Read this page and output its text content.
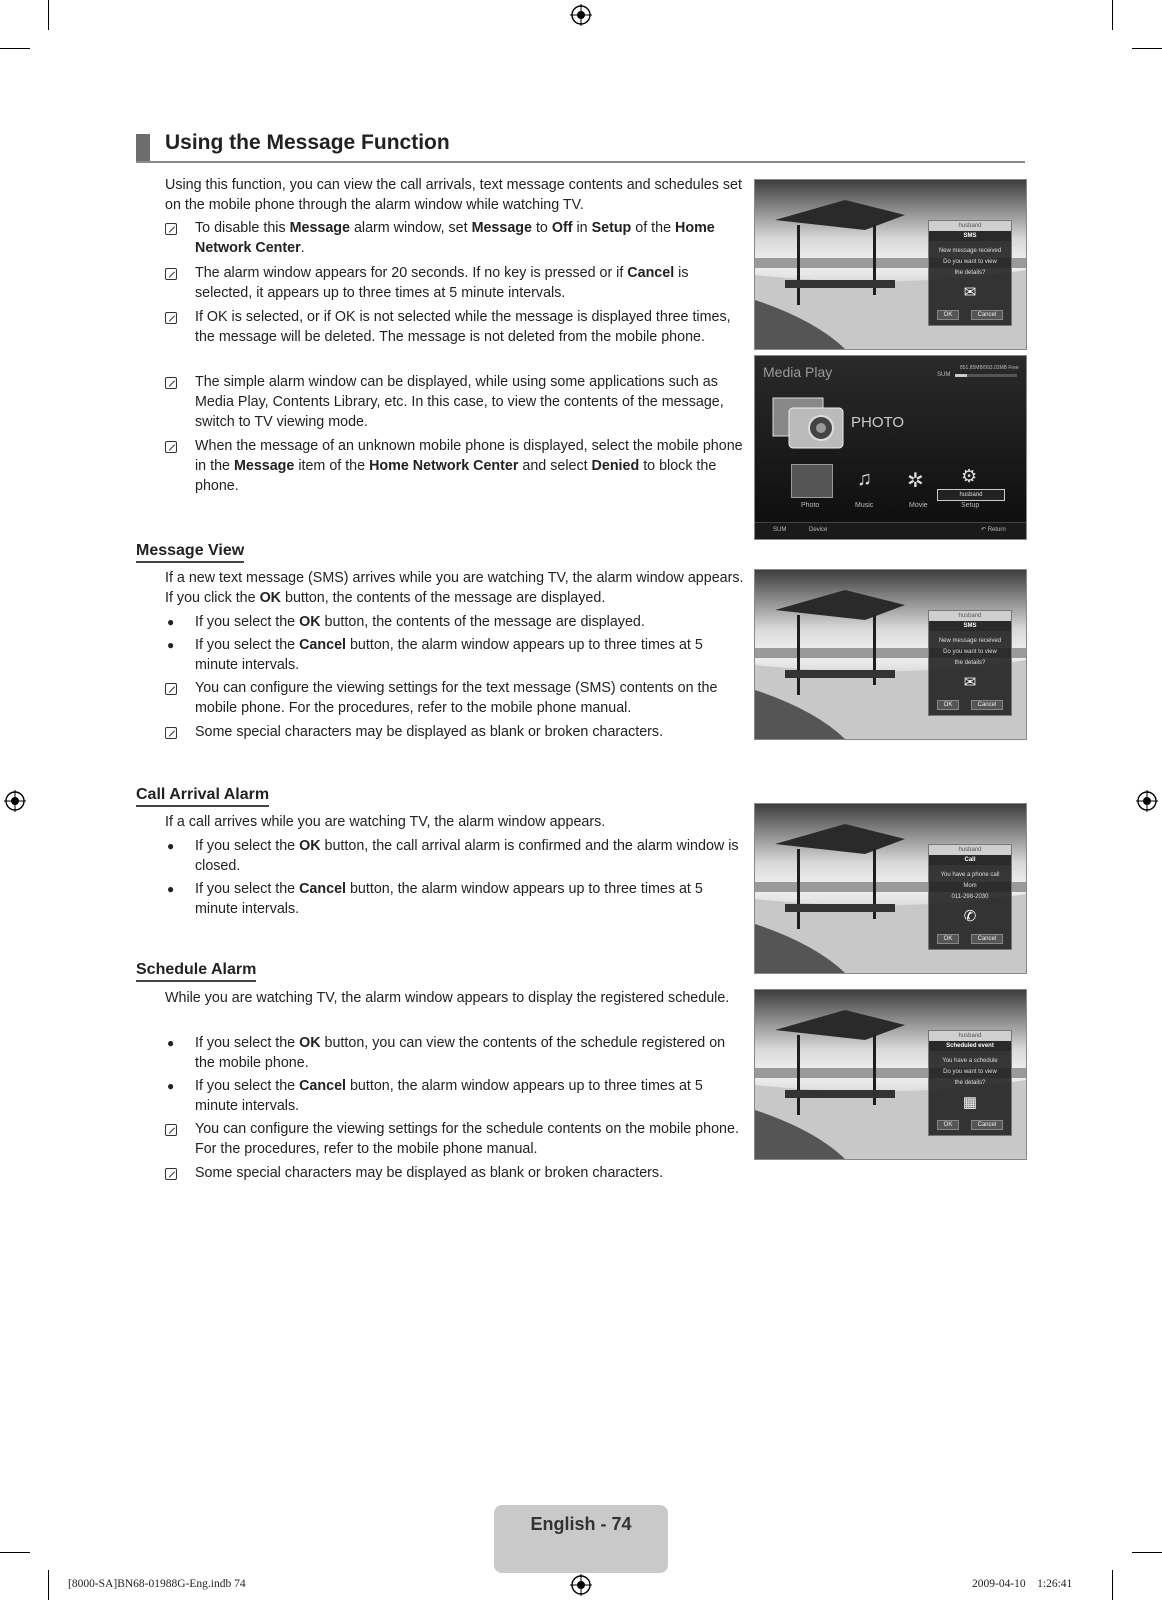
Using the Message Function

Using this function, you can view the call arrivals, text message contents and schedules set on the mobile phone through the alarm window while watching TV.

To disable this Message alarm window, set Message to Off in Setup of the Home Network Center.
The alarm window appears for 20 seconds. If no key is pressed or if Cancel is selected, it appears up to three times at 5 minute intervals.
If OK is selected, or if OK is not selected while the message is displayed three times, the message will be deleted. The message is not deleted from the mobile phone.
The simple alarm window can be displayed, while using some applications such as Media Play, Contents Library, etc. In this case, to view the contents of the message, switch to TV viewing mode.
When the message of an unknown mobile phone is displayed, select the mobile phone in the Message item of the Home Network Center and select Denied to block the phone.
Message View
If a new text message (SMS) arrives while you are watching TV, the alarm window appears. If you click the OK button, the contents of the message are displayed.
●	If you select the OK button, the contents of the message are displayed.
●	If you select the Cancel button, the alarm window appears up to three times at 5 minute intervals.
You can configure the viewing settings for the text message (SMS) contents on the mobile phone. For the procedures, refer to the mobile phone manual.
Some special characters may be displayed as blank or broken characters.
Call Arrival Alarm
If a call arrives while you are watching TV, the alarm window appears.
●	If you select the OK button, the call arrival alarm is confirmed and the alarm window is closed.
●	If you select the Cancel button, the alarm window appears up to three times at 5 minute intervals.
Schedule Alarm
While you are watching TV, the alarm window appears to display the registered schedule.
●	If you select the OK button, you can view the contents of the schedule registered on the mobile phone.
●	If you select the Cancel button, the alarm window appears up to three times at 5 minute intervals.
You can configure the viewing settings for the schedule contents on the mobile phone. For the procedures, refer to the mobile phone manual.
Some special characters may be displayed as blank or broken characters.
husband
SMS
New message received
Do you want to view
the details?
✉
OK	Cancel
Media Play	SUM
851.85MB/993.02MB Free
PHOTO
♫ ✲ ⚙
Photo	Music	Movie	Setup
husband
SUM	Device	↶ Return
husband
SMS
New message received
Do you want to view
the details?
✉
OK	Cancel
husband
Call
You have a phone call
Mom
011-298-2030
✆
OK	Cancel
husband
Scheduled event
You have a schedule
Do you want to view
the details?
▦
OK	Cancel
English - 74
[8000-SA]BN68-01988G-Eng.indb 74	2009-04-10    1:26:41
